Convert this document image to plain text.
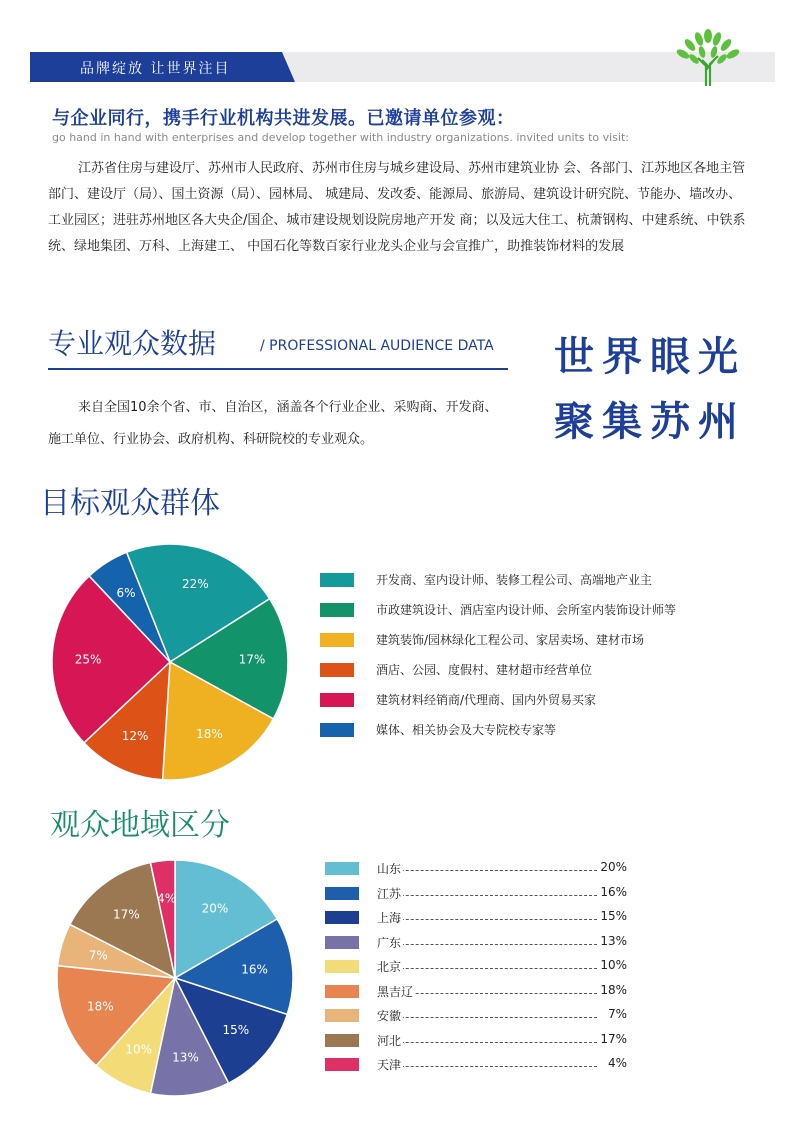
品牌绽放 让世界注目
与企业同行，携手行业机构共进发展。已邀请单位参观：
go hand in hand with enterprises and develop together with industry organizations. invited units to visit:
江苏省住房与建设厅、苏州市人民政府、苏州市住房与城乡建设局、苏州市建筑业协 会、各部门、江苏地区各地主管部门、建设厅（局）、国土资源（局）、园林局、 城建局、发改委、能源局、旅游局、建筑设计研究院、节能办、墙改办、工业园区；进驻苏州地区各大央企/国企、城市建设规划设院房地产开发 商；以及远大住工、杭萧钢构、中建系统、中铁系统、绿地集团、万科、上海建工、 中国石化等数百家行业龙头企业与会宣推广，助推装饰材料的发展
专业观众数据	/ PROFESSIONAL AUDIENCE DATA
来自全国10余个省、市、自治区，涵盖各个行业企业、采购商、开发商、施工单位、行业协会、政府机构、科研院校的专业观众。
世界眼光
聚集苏州
目标观众群体
22%
17%
18%
12%
25%
6%
开发商、室内设计师、装修工程公司、高端地产业主
市政建筑设计、酒店室内设计师、会所室内装饰设计师等
建筑装饰/园林绿化工程公司、家居卖场、建材市场
酒店、公园、度假村、建材超市经营单位
建筑材料经销商/代理商、国内外贸易买家
媒体、相关协会及大专院校专家等
观众地域区分
20%
16%
15%
13%
10%
18%
7%
17%
4%
山东	20%
江苏	16%
上海	15%
广东	13%
北京	10%
黑吉辽	18%
安徽	7%
河北	17%
天津	4%
